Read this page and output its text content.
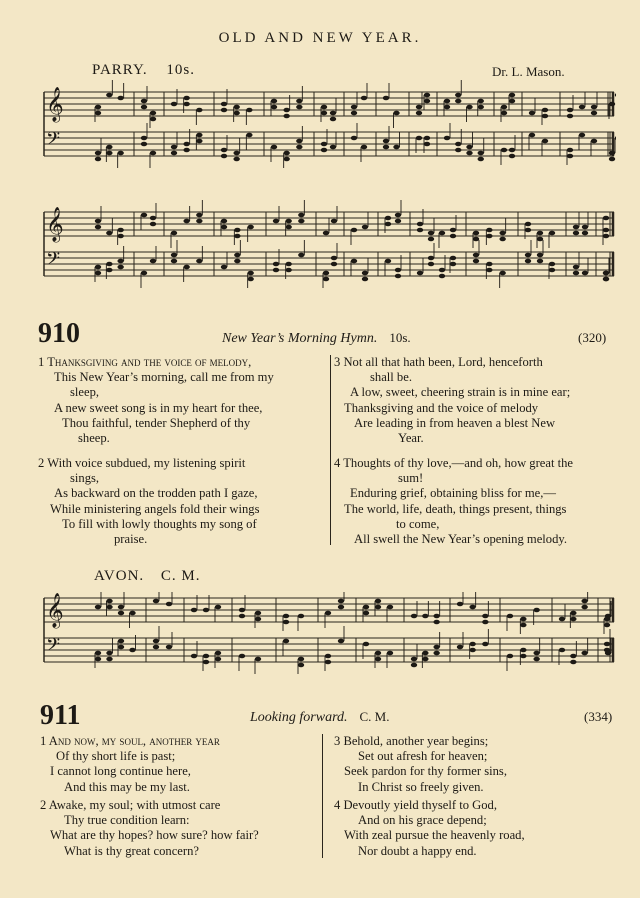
OLD AND NEW YEAR.
PARRY. 10s.	Dr. L. Mason.
𝄞
𝄢
𝄞
𝄢
910	New Year’s Morning Hymn. 10s.	(320)
1 Thanksgiving and the voice of melody,
This New Year’s morning, call me from my
sleep,
A new sweet song is in my heart for thee,
Thou faithful, tender Shepherd of thy
sheep.
2 With voice subdued, my listening spirit
sings,
As backward on the trodden path I gaze,
While ministering angels fold their wings
To fill with lowly thoughts my song of
praise.
3 Not all that hath been, Lord, henceforth
shall be.
A low, sweet, cheering strain is in mine ear;
Thanksgiving and the voice of melody
Are leading in from heaven a blest New
Year.
4 Thoughts of thy love,—and oh, how great the
sum!
Enduring grief, obtaining bliss for me,—
The world, life, death, things present, things
to come,
All swell the New Year’s opening melody.
AVON. C. M.
𝄞
𝄢
911	Looking forward. C. M.	(334)
1 And now, my soul, another year
Of thy short life is past;
I cannot long continue here,
And this may be my last.
2 Awake, my soul; with utmost care
Thy true condition learn:
What are thy hopes? how sure? how fair?
What is thy great concern?
3 Behold, another year begins;
Set out afresh for heaven;
Seek pardon for thy former sins,
In Christ so freely given.
4 Devoutly yield thyself to God,
And on his grace depend;
With zeal pursue the heavenly road,
Nor doubt a happy end.
